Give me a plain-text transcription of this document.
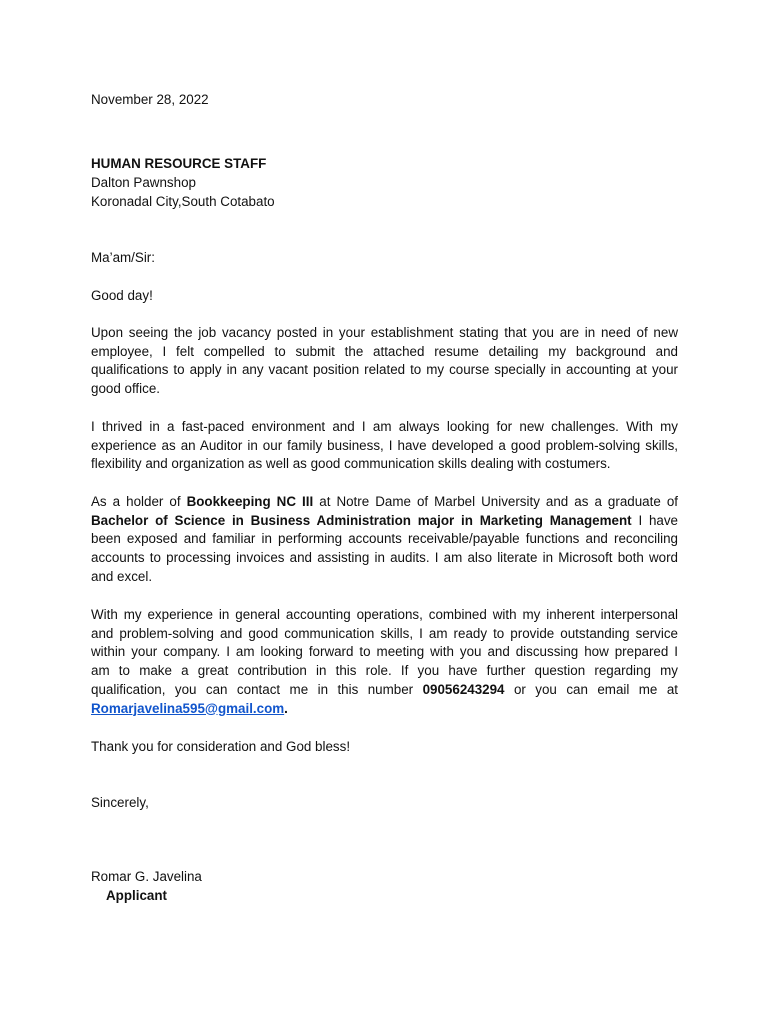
November 28, 2022
HUMAN RESOURCE STAFF
Dalton Pawnshop
Koronadal City,South Cotabato
Ma’am/Sir:
Good day!
Upon seeing the job vacancy posted in your establishment stating that you are in need of new
employee, I felt compelled to submit the attached resume detailing my background and
qualifications to apply in any vacant position related to my course specially in accounting at your
good office.
I thrived in a fast-paced environment and I am always looking for new challenges. With my
experience as an Auditor in our family business, I have developed a good problem-solving skills,
flexibility and organization as well as good communication skills dealing with costumers.
As a holder of Bookkeeping NC III at Notre Dame of Marbel University and as a graduate of
Bachelor of Science in Business Administration major in Marketing Management I have
been exposed and familiar in performing accounts receivable/payable functions and reconciling
accounts to processing invoices and assisting in audits. I am also literate in Microsoft both word
and excel.
With my experience in general accounting operations, combined with my inherent interpersonal
and problem-solving and good communication skills, I am ready to provide outstanding service
within your company. I am looking forward to meeting with you and discussing how prepared I
am to make a great contribution in this role. If you have further question regarding my
qualification, you can contact me in this number 09056243294 or you can email me at
Romarjavelina595@gmail.com.
Thank you for consideration and God bless!
Sincerely,
Romar G. Javelina
Applicant
